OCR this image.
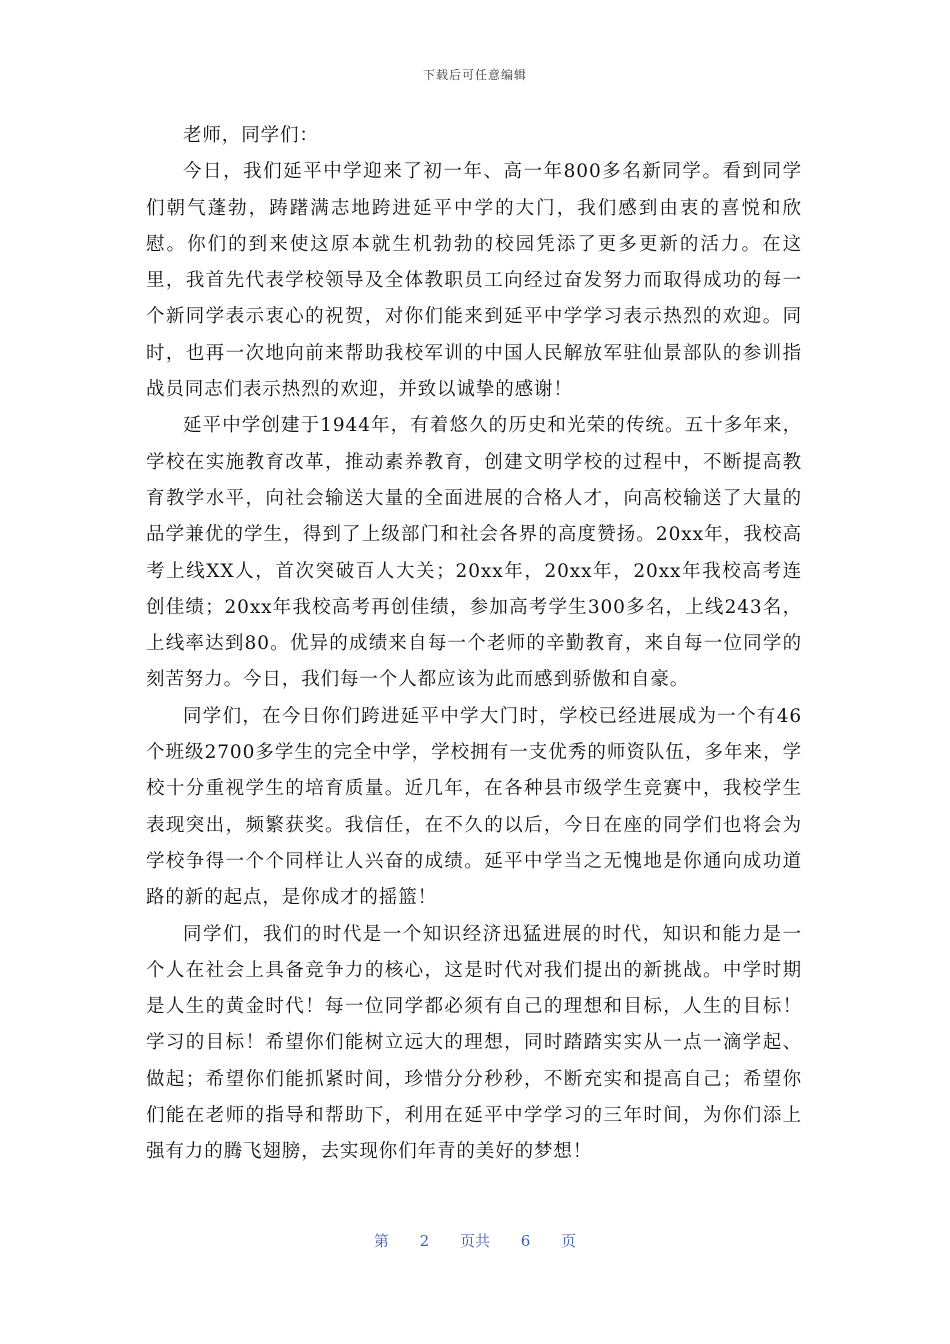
下载后可任意编辑

老师，同学们：

今日，我们延平中学迎来了初一年、高一年800多名新同学。看到同学们朝气蓬勃，踌躇满志地跨进延平中学的大门，我们感到由衷的喜悦和欣慰。你们的到来使这原本就生机勃勃的校园凭添了更多更新的活力。在这里，我首先代表学校领导及全体教职员工向经过奋发努力而取得成功的每一个新同学表示衷心的祝贺，对你们能来到延平中学学习表示热烈的欢迎。同时，也再一次地向前来帮助我校军训的中国人民解放军驻仙景部队的参训指战员同志们表示热烈的欢迎，并致以诚挚的感谢！

延平中学创建于1944年，有着悠久的历史和光荣的传统。五十多年来，学校在实施教育改革，推动素养教育，创建文明学校的过程中，不断提高教育教学水平，向社会输送大量的全面进展的合格人才，向高校输送了大量的品学兼优的学生，得到了上级部门和社会各界的高度赞扬。20xx年，我校高考上线XX人，首次突破百人大关；20xx年，20xx年，20xx年我校高考连创佳绩；20xx年我校高考再创佳绩，参加高考学生300多名，上线243名，上线率达到80。优异的成绩来自每一个老师的辛勤教育，来自每一位同学的刻苦努力。今日，我们每一个人都应该为此而感到骄傲和自豪。

同学们，在今日你们跨进延平中学大门时，学校已经进展成为一个有46个班级2700多学生的完全中学，学校拥有一支优秀的师资队伍，多年来，学校十分重视学生的培育质量。近几年，在各种县市级学生竞赛中，我校学生表现突出，频繁获奖。我信任，在不久的以后，今日在座的同学们也将会为学校争得一个个同样让人兴奋的成绩。延平中学当之无愧地是你通向成功道路的新的起点，是你成才的摇篮！

同学们，我们的时代是一个知识经济迅猛进展的时代，知识和能力是一个人在社会上具备竞争力的核心，这是时代对我们提出的新挑战。中学时期是人生的黄金时代！每一位同学都必须有自己的理想和目标，人生的目标！学习的目标！希望你们能树立远大的理想，同时踏踏实实从一点一滴学起、做起；希望你们能抓紧时间，珍惜分分秒秒，不断充实和提高自己；希望你们能在老师的指导和帮助下，利用在延平中学学习的三年时间，为你们添上强有力的腾飞翅膀，去实现你们年青的美好的梦想！

第 2 页共 6 页
